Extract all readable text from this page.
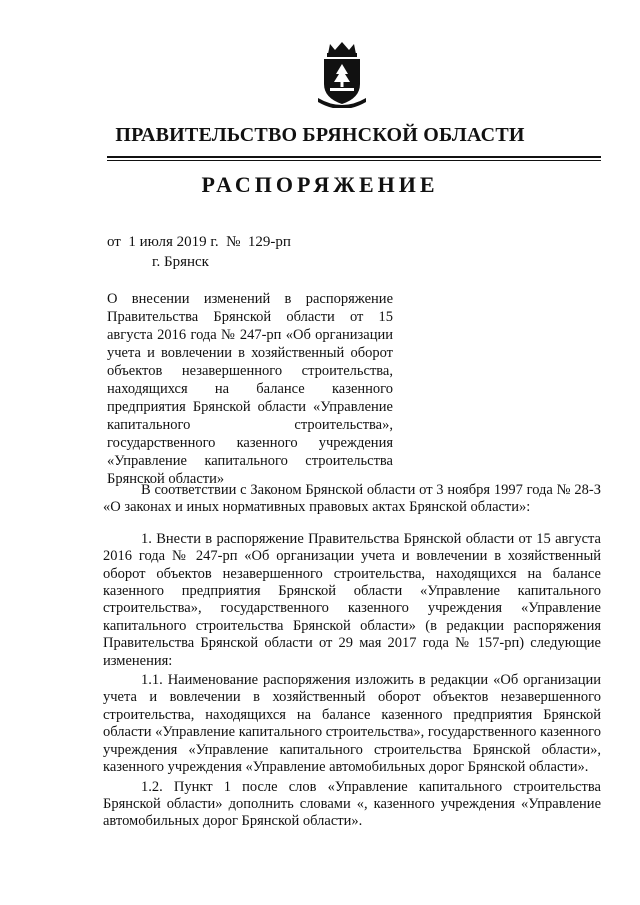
ПРАВИТЕЛЬСТВО БРЯНСКОЙ ОБЛАСТИ
РАСПОРЯЖЕНИЕ
от  1 июля 2019 г.  №  129-рп
г. Брянск
О внесении изменений в распоряжение Правительства Брянской области от 15 августа 2016 года № 247-рп «Об организации учета и вовлечении в хозяйственный оборот объектов незавершенного строительства, находящихся на балансе казенного предприятия Брянской области «Управление капитального строительства», государственного казенного учреждения «Управление капитального строительства Брянской области»

В соответствии с Законом Брянской области от 3 ноября 1997 года № 28-З «О законах и иных нормативных правовых актах Брянской области»:

1. Внести в распоряжение Правительства Брянской области от 15 августа 2016 года № 247-рп «Об организации учета и вовлечении в хозяйственный оборот объектов незавершенного строительства, находящихся на балансе казенного предприятия Брянской области «Управление капитального строительства», государственного казенного учреждения «Управление капитального строительства Брянской области» (в редакции распоряжения Правительства Брянской области от 29 мая 2017 года № 157-рп) следующие изменения:

1.1. Наименование распоряжения изложить в редакции «Об организации учета и вовлечении в хозяйственный оборот объектов незавершенного строительства, находящихся на балансе казенного предприятия Брянской области «Управление капитального строительства», государственного казенного учреждения «Управление капитального строительства Брянской области», казенного учреждения «Управление автомобильных дорог Брянской области».

1.2. Пункт 1 после слов «Управление капитального строительства Брянской области» дополнить словами «, казенного учреждения «Управление автомобильных дорог Брянской области».
